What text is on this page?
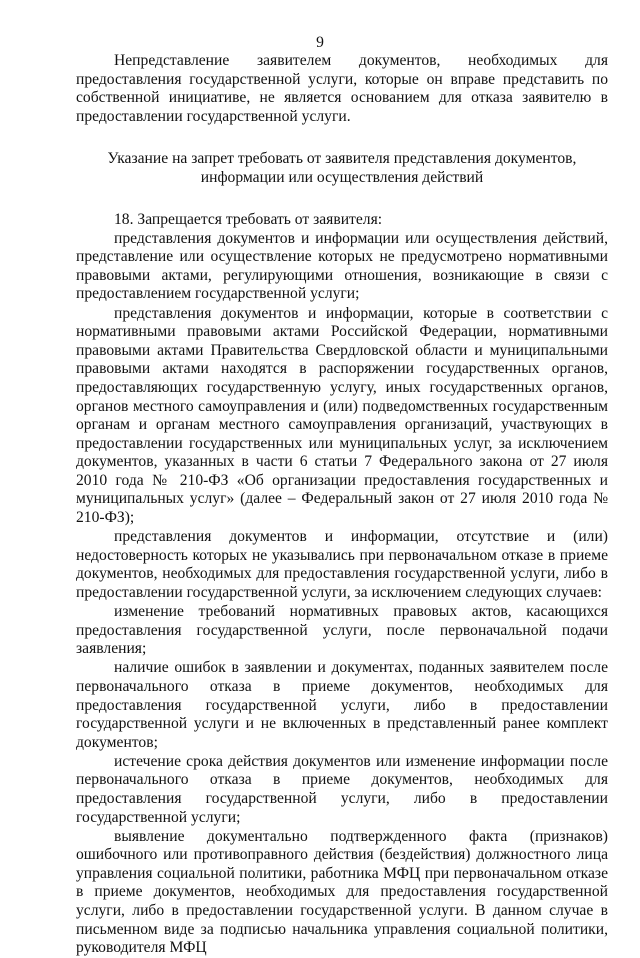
9

Непредставление заявителем документов, необходимых для предоставления государственной услуги, которые он вправе представить по собственной инициативе, не является основанием для отказа заявителю в предоставлении государственной услуги.

Указание на запрет требовать от заявителя представления документов,
информации или осуществления действий

18. Запрещается требовать от заявителя:

представления документов и информации или осуществления действий, представление или осуществление которых не предусмотрено нормативными правовыми актами, регулирующими отношения, возникающие в связи с предоставлением государственной услуги;

представления документов и информации, которые в соответствии с нормативными правовыми актами Российской Федерации, нормативными правовыми актами Правительства Свердловской области и муниципальными правовыми актами находятся в распоряжении государственных органов, предоставляющих государственную услугу, иных государственных органов, органов местного самоуправления и (или) подведомственных государственным органам и органам местного самоуправления организаций, участвующих в предоставлении государственных или муниципальных услуг, за исключением документов, указанных в части 6 статьи 7 Федерального закона от 27 июля 2010 года № 210-ФЗ «Об организации предоставления государственных и муниципальных услуг» (далее – Федеральный закон от 27 июля 2010 года № 210-ФЗ);

представления документов и информации, отсутствие и (или) недостоверность которых не указывались при первоначальном отказе в приеме документов, необходимых для предоставления государственной услуги, либо в предоставлении государственной услуги, за исключением следующих случаев:

изменение требований нормативных правовых актов, касающихся предоставления государственной услуги, после первоначальной подачи заявления;

наличие ошибок в заявлении и документах, поданных заявителем после первоначального отказа в приеме документов, необходимых для предоставления государственной услуги, либо в предоставлении государственной услуги и не включенных в представленный ранее комплект документов;

истечение срока действия документов или изменение информации после первоначального отказа в приеме документов, необходимых для предоставления государственной услуги, либо в предоставлении государственной услуги;

выявление документально подтвержденного факта (признаков) ошибочного или противоправного действия (бездействия) должностного лица управления социальной политики, работника МФЦ при первоначальном отказе в приеме документов, необходимых для предоставления государственной услуги, либо в предоставлении государственной услуги. В данном случае в письменном виде за подписью начальника управления социальной политики, руководителя МФЦ
